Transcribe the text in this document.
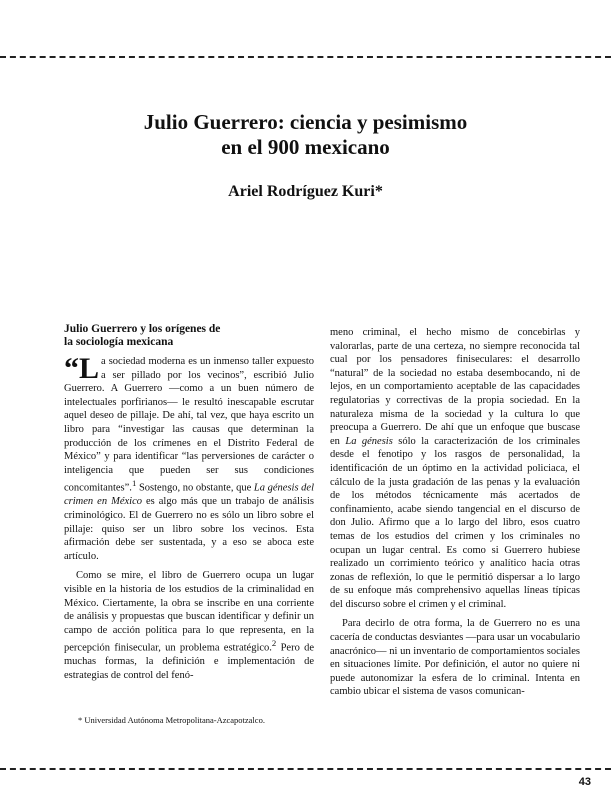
Julio Guerrero: ciencia y pesimismo
en el 900 mexicano
Ariel Rodríguez Kuri*
Julio Guerrero y los orígenes de
la sociología mexicana

“La sociedad moderna es un inmenso taller expuesto a ser pillado por los vecinos”, escribió Julio Guerrero. A Guerrero —como a un buen número de intelectuales porfirianos— le resultó inescapable escrutar aquel deseo de pillaje. De ahí, tal vez, que haya escrito un libro para “investigar las causas que determinan la producción de los crímenes en el Distrito Federal de México” y para identificar “las perversiones de carácter o inteligencia que pueden ser sus condiciones concomitantes”.$^1$ Sostengo, no obstante, que La génesis del crimen en México es algo más que un trabajo de análisis criminológico. El de Guerrero no es sólo un libro sobre el pillaje: quiso ser un libro sobre los vecinos. Esta afirmación debe ser sustentada, y a eso se aboca este artículo.

Como se mire, el libro de Guerrero ocupa un lugar visible en la historia de los estudios de la criminalidad en México. Ciertamente, la obra se inscribe en una corriente de análisis y propuestas que buscan identificar y definir un campo de acción política para lo que representa, en la percepción finisecular, un problema estratégico.$^2$ Pero de muchas formas, la definición e implementación de estrategias de control del fenó-

meno criminal, el hecho mismo de concebirlas y valorarlas, parte de una certeza, no siempre reconocida tal cual por los pensadores finiseculares: el desarrollo “natural” de la sociedad no estaba desembocando, ni de lejos, en un comportamiento aceptable de las capacidades regulatorias y correctivas de la propia sociedad. En la naturaleza misma de la sociedad y la cultura lo que preocupa a Guerrero. De ahí que un enfoque que buscase en La génesis sólo la caracterización de los criminales desde el fenotipo y los rasgos de personalidad, la identificación de un óptimo en la actividad policiaca, el cálculo de la justa gradación de las penas y la evaluación de los métodos técnicamente más acertados de confinamiento, acabe siendo tangencial en el discurso de don Julio. Afirmo que a lo largo del libro, esos cuatro temas de los estudios del crimen y los criminales no ocupan un lugar central. Es como si Guerrero hubiese realizado un corrimiento teórico y analítico hacia otras zonas de reflexión, lo que le permitió dispersar a lo largo de su enfoque más comprehensivo aquellas líneas típicas del discurso sobre el crimen y el criminal.

Para decirlo de otra forma, la de Guerrero no es una cacería de conductas desviantes —para usar un vocabulario anacrónico— ni un inventario de comportamientos sociales en situaciones límite. Por definición, el autor no quiere ni puede autonomizar la esfera de lo criminal. Intenta en cambio ubicar el sistema de vasos comunican-

* Universidad Autónoma Metropolitana-Azcapotzalco.
43
